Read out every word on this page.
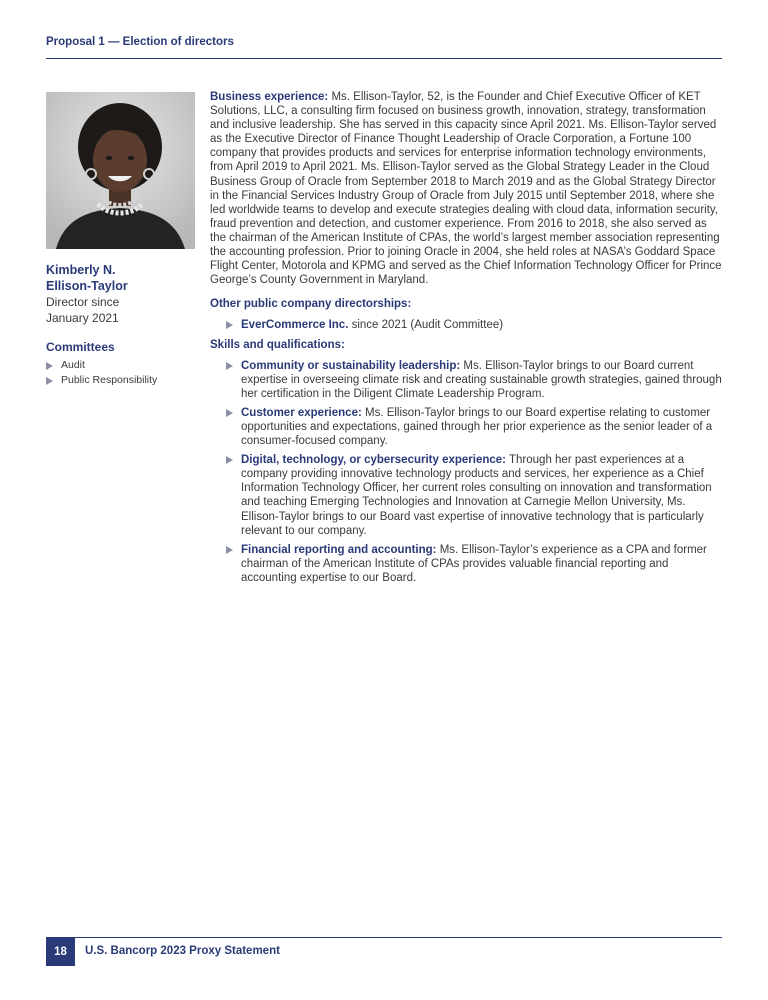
Proposal 1 — Election of directors
Kimberly N.
Ellison-Taylor
Director since
January 2021
Committees
Audit
Public Responsibility

Business experience: Ms. Ellison-Taylor, 52, is the Founder and Chief Executive Officer of KET Solutions, LLC, a consulting firm focused on business growth, innovation, strategy, transformation and inclusive leadership. She has served in this capacity since April 2021. Ms. Ellison-Taylor served as the Executive Director of Finance Thought Leadership of Oracle Corporation, a Fortune 100 company that provides products and services for enterprise information technology environments, from April 2019 to April 2021. Ms. Ellison-Taylor served as the Global Strategy Leader in the Cloud Business Group of Oracle from September 2018 to March 2019 and as the Global Strategy Director in the Financial Services Industry Group of Oracle from July 2015 until September 2018, where she led worldwide teams to develop and execute strategies dealing with cloud data, information security, fraud prevention and detection, and customer experience. From 2016 to 2018, she also served as the chairman of the American Institute of CPAs, the world’s largest member association representing the accounting profession. Prior to joining Oracle in 2004, she held roles at NASA’s Goddard Space Flight Center, Motorola and KPMG and served as the Chief Information Technology Officer for Prince George’s County Government in Maryland.

Other public company directorships:
EverCommerce Inc. since 2021 (Audit Committee)
Skills and qualifications:
Community or sustainability leadership: Ms. Ellison-Taylor brings to our Board current expertise in overseeing climate risk and creating sustainable growth strategies, gained through her certification in the Diligent Climate Leadership Program.
Customer experience: Ms. Ellison-Taylor brings to our Board expertise relating to customer opportunities and expectations, gained through her prior experience as the senior leader of a consumer-focused company.
Digital, technology, or cybersecurity experience: Through her past experiences at a company providing innovative technology products and services, her experience as a Chief Information Technology Officer, her current roles consulting on innovation and transformation and teaching Emerging Technologies and Innovation at Carnegie Mellon University, Ms. Ellison-Taylor brings to our Board vast expertise of innovative technology that is particularly relevant to our company.
Financial reporting and accounting: Ms. Ellison-Taylor’s experience as a CPA and former chairman of the American Institute of CPAs provides valuable financial reporting and accounting expertise to our Board.
18	U.S. Bancorp 2023 Proxy Statement
